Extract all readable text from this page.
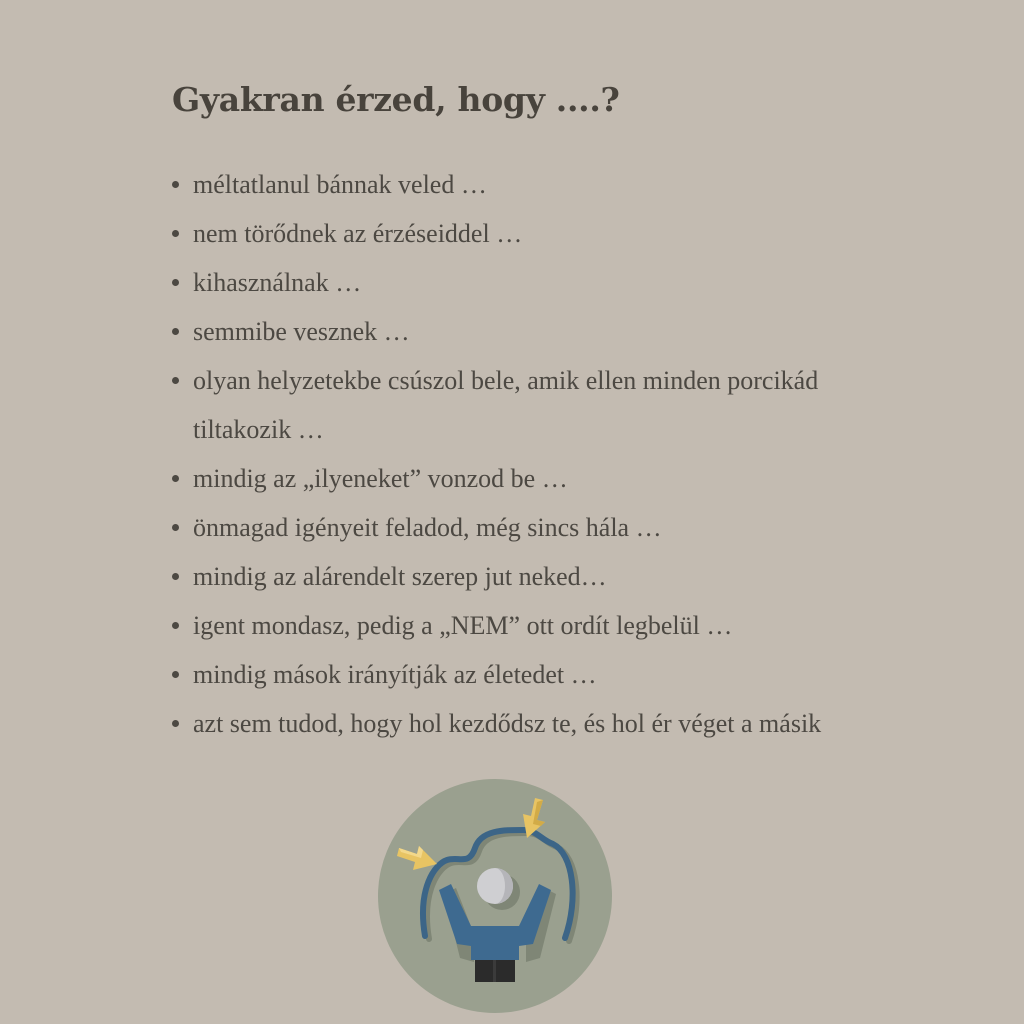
Gyakran érzed, hogy ....?
méltatlanul bánnak veled …
nem törődnek az érzéseiddel …
kihasználnak …
semmibe vesznek …
olyan helyzetekbe csúszol bele, amik ellen minden porcikád tiltakozik …
mindig az „ilyeneket” vonzod be …
önmagad igényeit feladod, még sincs hála …
mindig az alárendelt szerep jut neked…
igent mondasz, pedig a „NEM” ott ordít legbelül …
mindig mások irányítják az életedet …
azt sem tudod, hogy hol kezdődsz te, és hol ér véget a másik
